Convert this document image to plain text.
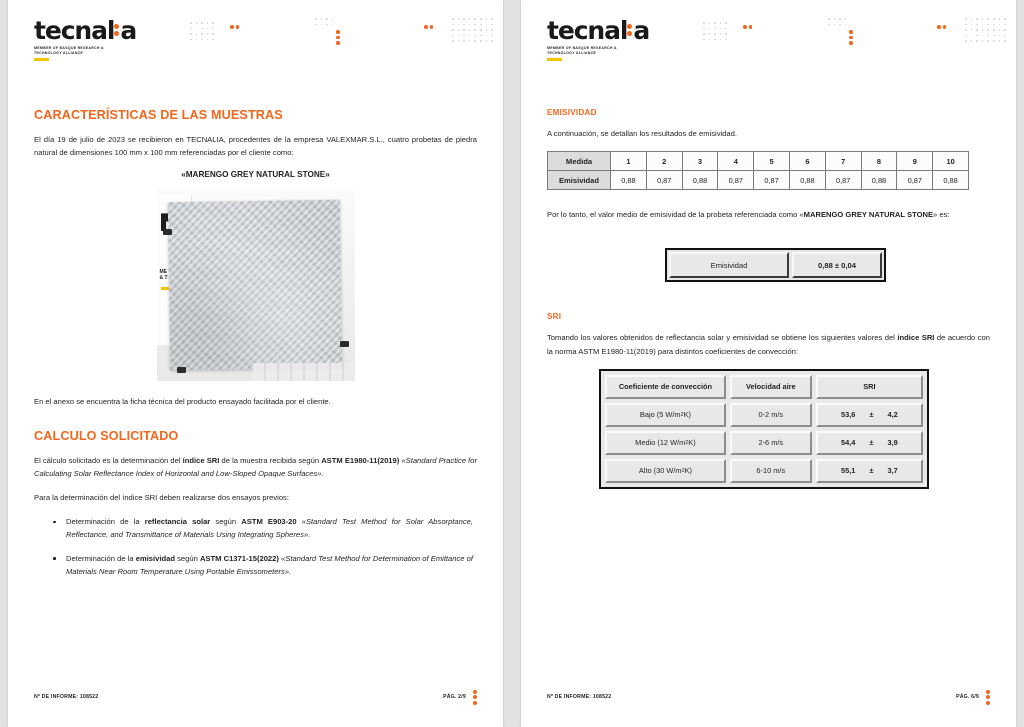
tecnal a
MEMBER OF BASQUE RESEARCH & TECHNOLOGY ALLIANCE
CARACTERÍSTICAS DE LAS MUESTRAS

El día 19 de julio de 2023 se recibieron en TECNALIA, procedentes de la empresa VALEXMAR.S.L., cuatro probetas de piedra natural de dimensiones 100 mm x 100 mm referenciadas por el cliente como:

«MARENGO GREY NATURAL STONE»

ME
& T

En el anexo se encuentra la ficha técnica del producto ensayado facilitada por el cliente.

CALCULO SOLICITADO

El cálculo solicitado es la determinación del índice SRI de la muestra recibida según ASTM E1980-11(2019) «Standard Practice for Calculating Solar Reflectance Index of Horizontal and Low-Sloped Opaque Surfaces».

Para la determinación del índice SRI deben realizarse dos ensayos previos:

Determinación de la reflectancia solar según ASTM E903-20 «Standard Test Method for Solar Absorptance, Reflectance, and Transmittance of Materials Using Integrating Spheres».
Determinación de la emisividad según ASTM C1371-15(2022) «Standard Test Method for Determination of Emittance of Materials Near Room Temperature Using Portable Emissometers».
Nº DE INFORME: 108522	PÁG. 2/9
tecnal a
MEMBER OF BASQUE RESEARCH & TECHNOLOGY ALLIANCE
EMISIVIDAD

A continuación, se detallan los resultados de emisividad.

Medida	1	2	3	4	5	6	7	8	9	10
Emisividad	0,88	0,87	0,88	0,87	0,87	0,88	0,87	0,88	0,87	0,88

Por lo tanto, el valor medio de emisividad de la probeta referenciada como «MARENGO GREY NATURAL STONE» es:

Emisividad	0,88 ± 0,04
SRI

Tomando los valores obtenidos de reflectancia solar y emisividad se obtiene los siguientes valores del índice SRI de acuerdo con la norma ASTM E1980-11(2019) para distintos coeficientes de convección:

Coeficiente de convección	Velocidad aire	SRI
Bajo (5 W/m 2 K)	0-2 m/s	53,6 ± 4,2
Medio (12 W/m 2 K)	2-6 m/s	54,4 ± 3,9
Alto (30 W/m 2 K)	6-10 m/s	55,1 ± 3,7
Nº DE INFORME: 108522	PÁG. 6/9
